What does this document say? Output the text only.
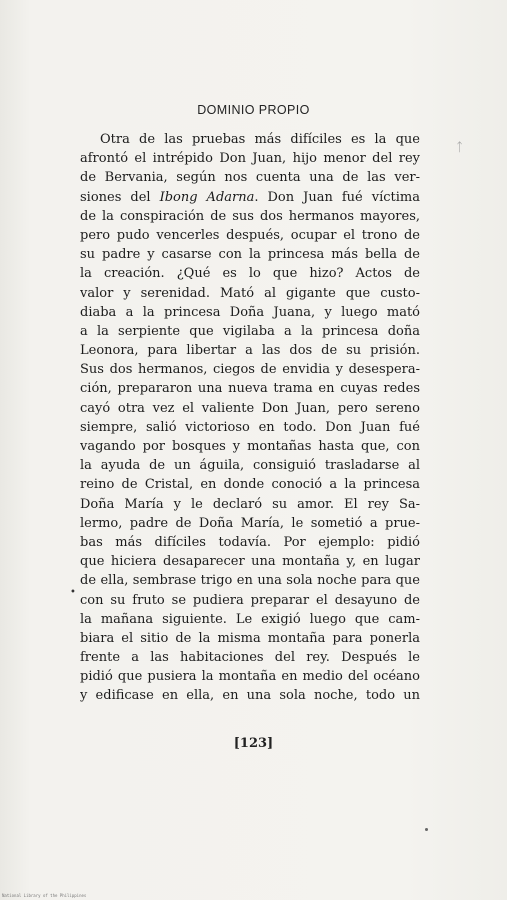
DOMINIO PROPIO
ᛏ
Otra de las pruebas más difíciles es la que
afrontó el intrépido Don Juan, hijo menor del rey
de Bervania, según nos cuenta una de las ver-
siones del Ibong Adarna. Don Juan fué víctima
de la conspiración de sus dos hermanos mayores,
pero pudo vencerles después, ocupar el trono de
su padre y casarse con la princesa más bella de
la creación. ¿Qué es lo que hizo? Actos de
valor y serenidad. Mató al gigante que custo-
diaba a la princesa Doña Juana, y luego mató
a la serpiente que vigilaba a la princesa doña
Leonora, para libertar a las dos de su prisión.
Sus dos hermanos, ciegos de envidia y desespera-
ción, prepararon una nueva trama en cuyas redes
cayó otra vez el valiente Don Juan, pero sereno
siempre, salió victorioso en todo. Don Juan fué
vagando por bosques y montañas hasta que, con
la ayuda de un águila, consiguió trasladarse al
reino de Cristal, en donde conoció a la princesa
Doña María y le declaró su amor. El rey Sa-
lermo, padre de Doña María, le sometió a prue-
bas más difíciles todavía. Por ejemplo: pidió
que hiciera desaparecer una montaña y, en lugar
de ella, sembrase trigo en una sola noche para que
con su fruto se pudiera preparar el desayuno de
la mañana siguiente. Le exigió luego que cam-
biara el sitio de la misma montaña para ponerla
frente a las habitaciones del rey. Después le
pidió que pusiera la montaña en medio del océano
y edificase en ella, en una sola noche, todo un
•
[123]
National Library of the Philippines
